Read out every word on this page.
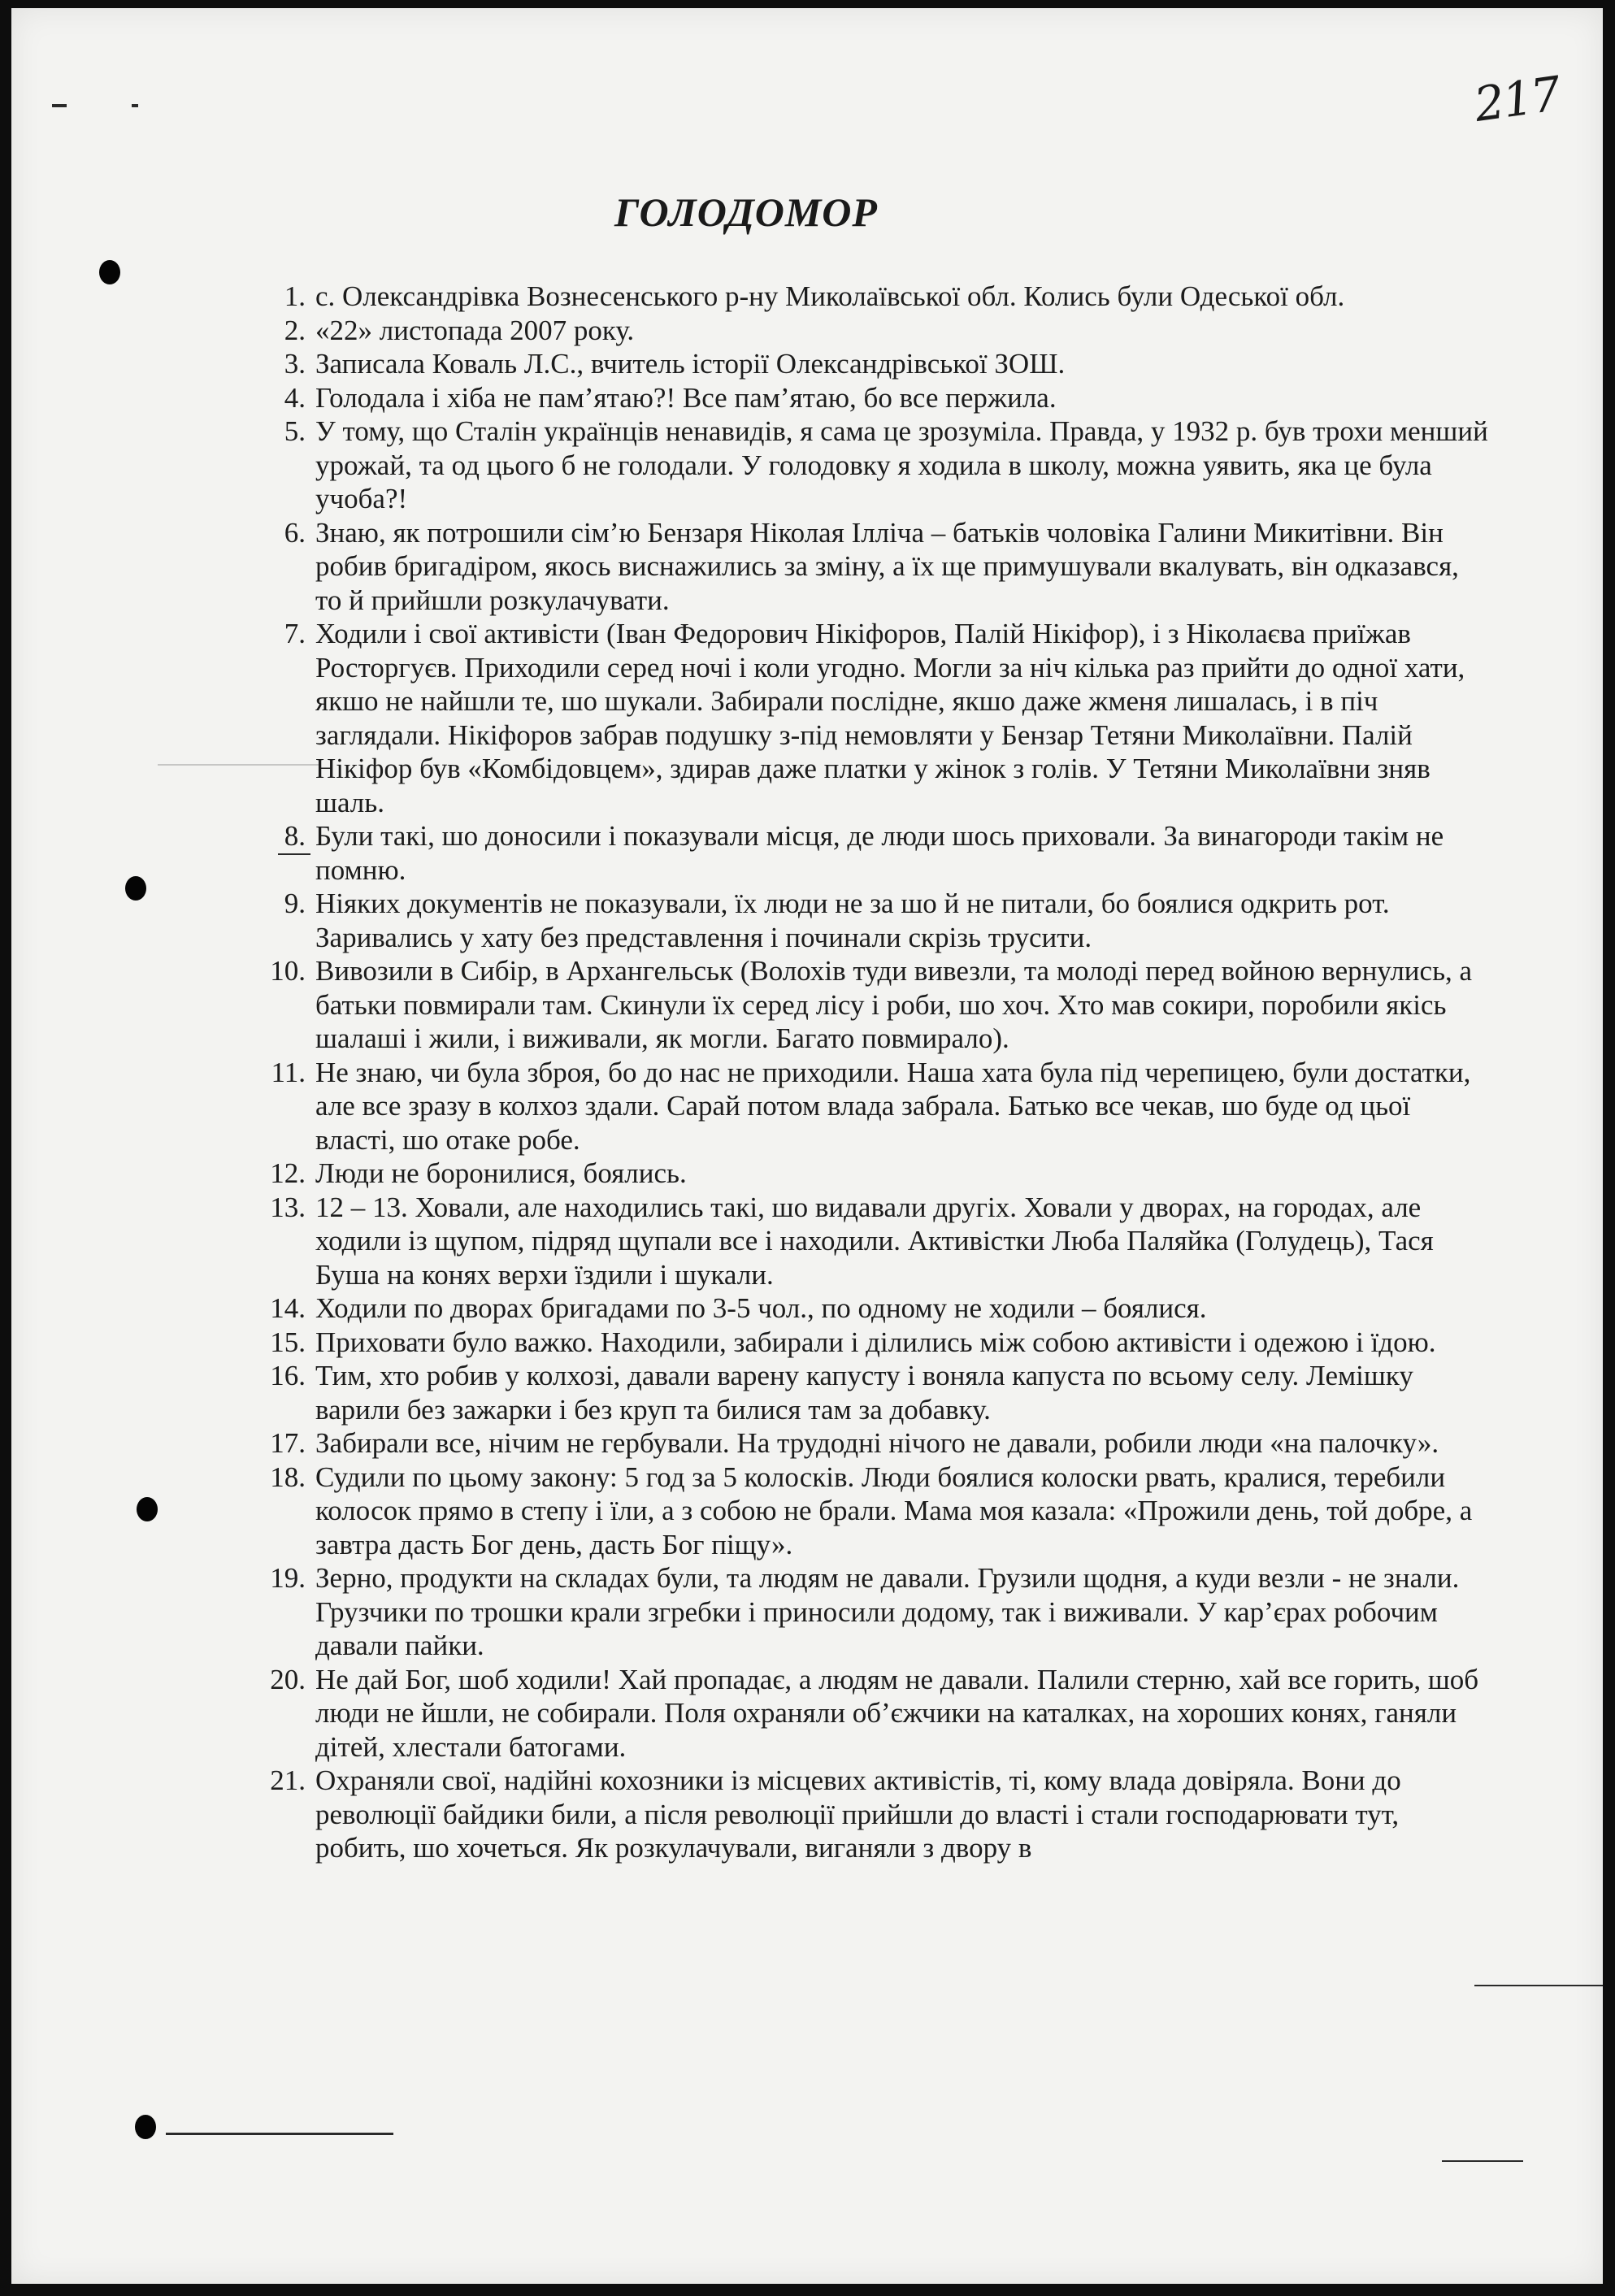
217
ГОЛОДОМОР
1. с. Олександрівка Вознесенського р-ну Миколаївської обл. Колись були Одеської обл.
2. «22» листопада 2007 року.
3. Записала Коваль Л.С., вчитель історії Олександрівської ЗОШ.
4. Голодала і хіба не пам’ятаю?! Все пам’ятаю, бо все пержила.
5. У тому, що Сталін українців ненавидів, я сама це зрозуміла. Правда, у 1932 р. був трохи менший урожай, та од цього б не голодали. У голодовку я ходила в школу, можна уявить, яка це була учоба?!
6. Знаю, як потрошили сім’ю Бензаря Ніколая Ілліча – батьків чоловіка Галини Микитівни. Він робив бригадіром, якось виснажились за зміну, а їх ще примушували вкалувать, він одказався, то й прийшли розкулачувати.
7. Ходили і свої активісти (Іван Федорович Нікіфоров, Палій Нікіфор), і з Ніколаєва приїжав Росторгуєв. Приходили серед ночі і коли угодно. Могли за ніч кілька раз прийти до одної хати, якшо не найшли те, шо шукали. Забирали послідне, якшо даже жменя лишалась, і в піч заглядали. Нікіфоров забрав подушку з-під немовляти у Бензар Тетяни Миколаївни. Палій Нікіфор був «Комбідовцем», здирав даже платки у жінок з голів. У Тетяни Миколаївни зняв шаль.
8. Були такі, шо доносили і показували місця, де люди шось приховали. За винагороди такім не помню.
9. Ніяких документів не показували, їх люди не за шо й не питали, бо боялися одкрить рот. Заривались у хату без представлення і починали скрізь трусити.
10. Вивозили в Сибір, в Архангельськ (Волохів туди вивезли, та молоді перед войною вернулись, а батьки повмирали там. Скинули їх серед лісу і роби, шо хоч. Хто мав сокири, поробили якісь шалаші і жили, і виживали, як могли. Багато повмирало).
11. Не знаю, чи була зброя, бо до нас не приходили. Наша хата була під черепицею, були достатки, але все зразу в колхоз здали. Сарай потом влада забрала. Батько все чекав, шо буде од цьої власті, шо отаке робе.
12. Люди не боронилися, боялись.
13. 12 – 13. Ховали, але находились такі, шо видавали другіх. Ховали у дворах, на городах, але ходили із щупом, підряд щупали все і находили. Активістки Люба Паляйка (Голудець), Тася Буша на конях верхи їздили і шукали.
14. Ходили по дворах бригадами по 3-5 чол., по одному не ходили – боялися.
15. Приховати було важко. Находили, забирали і ділились між собою активісти і одежою і їдою.
16. Тим, хто робив у колхозі, давали варену капусту і воняла капуста по всьому селу. Лемішку варили без зажарки і без круп та билися там за добавку.
17. Забирали все, нічим не гербували. На трудодні нічого не давали, робили люди «на палочку».
18. Судили по цьому закону: 5 год за 5 колосків. Люди боялися колоски рвать, кралися, теребили колосок прямо в степу і їли, а з собою не брали. Мама моя казала: «Прожили день, той добре, а завтра дасть Бог день, дасть Бог піщу».
19. Зерно, продукти на складах були, та людям не давали. Грузили щодня, а куди везли - не знали. Грузчики по трошки крали згребки і приносили додому, так і виживали. У кар’єрах робочим давали пайки.
20. Не дай Бог, шоб ходили! Хай пропадає, а людям не давали. Палили стерню, хай все горить, шоб люди не йшли, не собирали. Поля охраняли об’єжчики на каталках, на хороших конях, ганяли дітей, хлестали батогами.
21. Охраняли свої, надійні кохозники із місцевих активістів, ті, кому влада довіряла. Вони до революції байдики били, а після революції прийшли до власті і стали господарювати тут, робить, шо хочеться. Як розкулачували, виганяли з двору в
